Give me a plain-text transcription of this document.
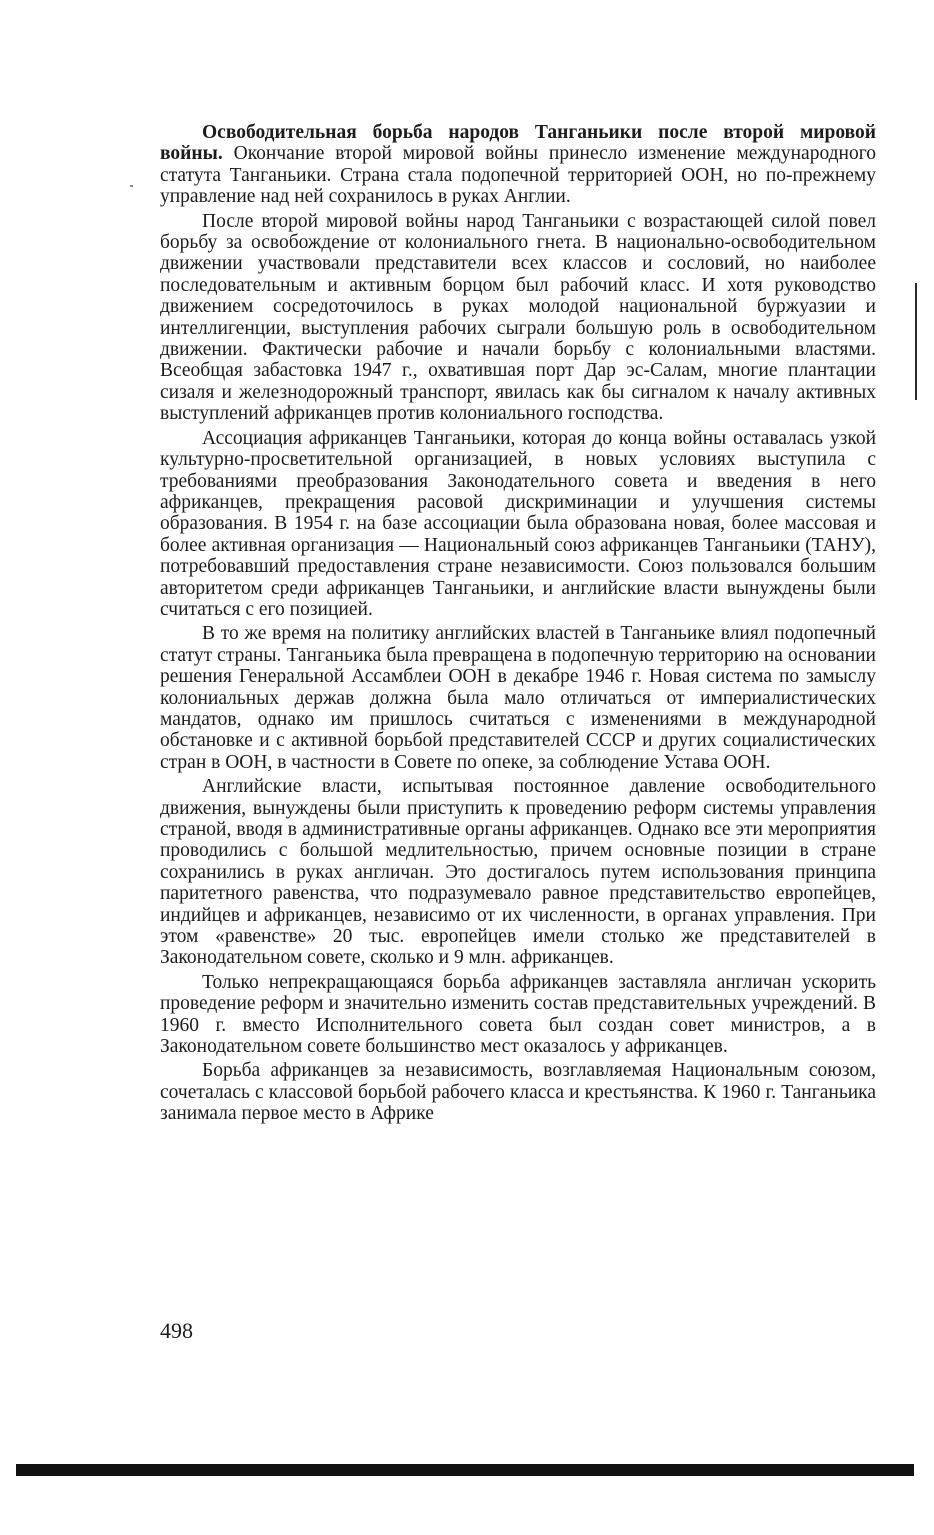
Освободительная борьба народов Танганьики после второй мировой войны. Окончание второй мировой войны принесло изменение международного статута Танганьики. Страна стала подопечной территорией ООН, но по-прежнему управление над ней сохранилось в руках Англии.

После второй мировой войны народ Танганьики с возрастающей силой повел борьбу за освобождение от колониального гнета. В национально-освободительном движении участвовали представители всех классов и сословий, но наиболее последовательным и активным борцом был рабочий класс. И хотя руководство движением сосредоточилось в руках молодой национальной буржуазии и интеллигенции, выступления рабочих сыграли большую роль в освободительном движении. Фактически рабочие и начали борьбу с колониальными властями. Всеобщая забастовка 1947 г., охватившая порт Дар эс-Салам, многие плантации сизаля и железнодорожный транспорт, явилась как бы сигналом к началу активных выступлений африканцев против колониального господства.

Ассоциация африканцев Танганьики, которая до конца войны оставалась узкой культурно-просветительной организацией, в новых условиях выступила с требованиями преобразования Законодательного совета и введения в него африканцев, прекращения расовой дискриминации и улучшения системы образования. В 1954 г. на базе ассоциации была образована новая, более массовая и более активная организация — Национальный союз африканцев Танганьики (ТАНУ), потребовавший предоставления стране независимости. Союз пользовался большим авторитетом среди африканцев Танганьики, и английские власти вынуждены были считаться с его позицией.

В то же время на политику английских властей в Танганьике влиял подопечный статут страны. Танганьика была превращена в подопечную территорию на основании решения Генеральной Ассамблеи ООН в декабре 1946 г. Новая система по замыслу колониальных держав должна была мало отличаться от империалистических мандатов, однако им пришлось считаться с изменениями в международной обстановке и с активной борьбой представителей СССР и других социалистических стран в ООН, в частности в Совете по опеке, за соблюдение Устава ООН.

Английские власти, испытывая постоянное давление освободительного движения, вынуждены были приступить к проведению реформ системы управления страной, вводя в административные органы африканцев. Однако все эти мероприятия проводились с большой медлительностью, причем основные позиции в стране сохранились в руках англичан. Это достигалось путем использования принципа паритетного равенства, что подразумевало равное представительство европейцев, индийцев и африканцев, независимо от их численности, в органах управления. При этом «равенстве» 20 тыс. европейцев имели столько же представителей в Законодательном совете, сколько и 9 млн. африканцев.

Только непрекращающаяся борьба африканцев заставляла англичан ускорить проведение реформ и значительно изменить состав представительных учреждений. В 1960 г. вместо Исполнительного совета был создан совет министров, а в Законодательном совете большинство мест оказалось у африканцев.

Борьба африканцев за независимость, возглавляемая Национальным союзом, сочеталась с классовой борьбой рабочего класса и крестьянства. К 1960 г. Танганьика занимала первое место в Африке

498
